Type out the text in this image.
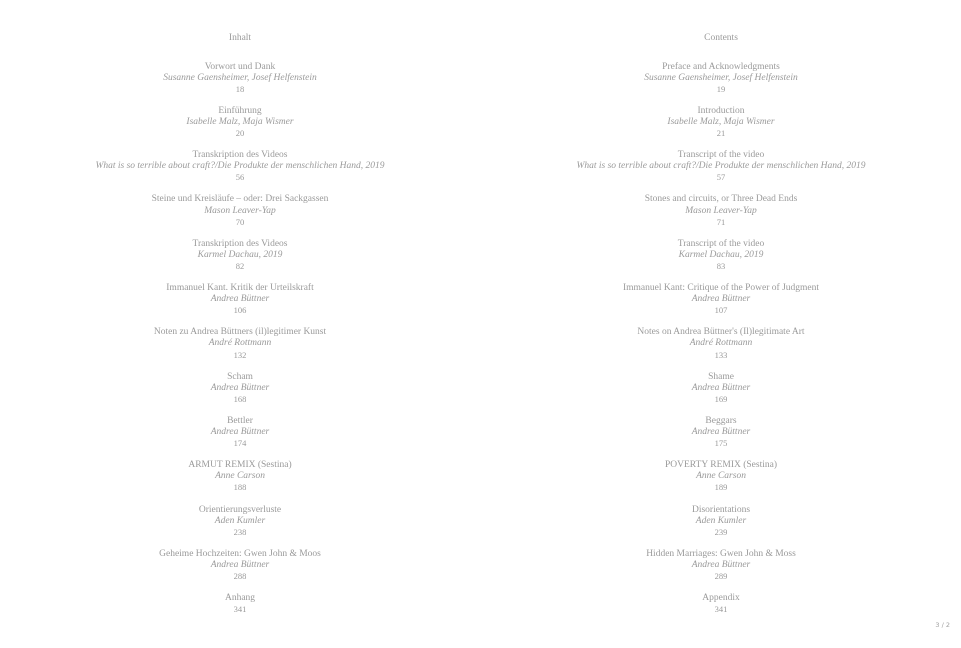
Inhalt
Vorwort und Dank
Susanne Gaensheimer, Josef Helfenstein
18
Einführung
Isabelle Malz, Maja Wismer
20
Transkription des Videos
What is so terrible about craft?/Die Produkte der menschlichen Hand, 2019
56
Steine und Kreisläufe – oder: Drei Sackgassen
Mason Leaver-Yap
70
Transkription des Videos
Karmel Dachau, 2019
82
Immanuel Kant. Kritik der Urteilskraft
Andrea Büttner
106
Noten zu Andrea Büttners (il)legitimer Kunst
André Rottmann
132
Scham
Andrea Büttner
168
Bettler
Andrea Büttner
174
ARMUT REMIX (Sestina)
Anne Carson
188
Orientierungsverluste
Aden Kumler
238
Geheime Hochzeiten: Gwen John & Moos
Andrea Büttner
288
Anhang
341
Contents
Preface and Acknowledgments
Susanne Gaensheimer, Josef Helfenstein
19
Introduction
Isabelle Malz, Maja Wismer
21
Transcript of the video
What is so terrible about craft?/Die Produkte der menschlichen Hand, 2019
57
Stones and circuits, or Three Dead Ends
Mason Leaver-Yap
71
Transcript of the video
Karmel Dachau, 2019
83
Immanuel Kant: Critique of the Power of Judgment
Andrea Büttner
107
Notes on Andrea Büttner's (Il)legitimate Art
André Rottmann
133
Shame
Andrea Büttner
169
Beggars
Andrea Büttner
175
POVERTY REMIX (Sestina)
Anne Carson
189
Disorientations
Aden Kumler
239
Hidden Marriages: Gwen John & Moss
Andrea Büttner
289
Appendix
341
3 / 2
